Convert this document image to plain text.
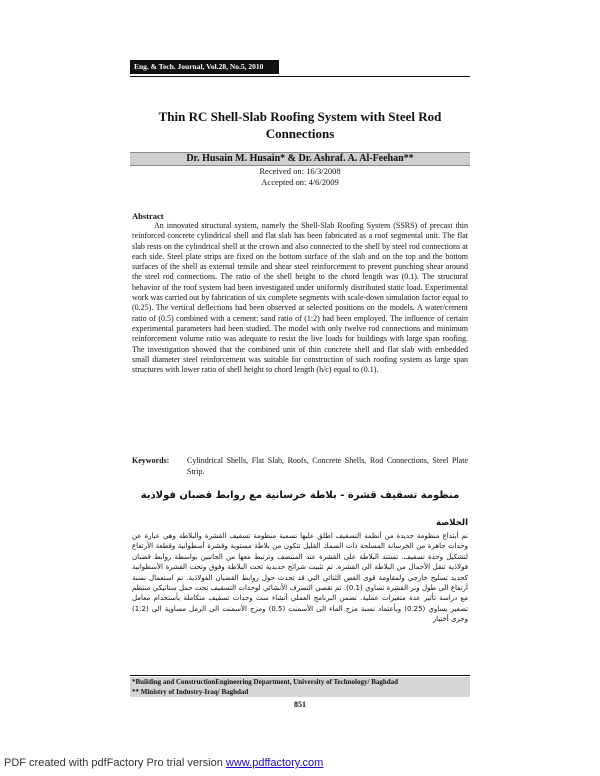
Eng. & Tech. Journal, Vol.28, No.5, 2010
Thin RC Shell-Slab Roofing System with Steel Rod Connections
Dr. Husain M. Husain* & Dr. Ashraf. A. Al-Feehan**
Received on: 16/3/2008
Accepted on: 4/6/2009
Abstract
An innovated structural system, namely the Shell-Slab Roofing System (SSRS) of precast thin reinforced concrete cylindrical shell and flat slab has been fabricated as a roof segmental unit. The flat slab rests on the cylindrical shell at the crown and also connected to the shell by steel rod connections at each side. Steel plate strips are fixed on the bottom surface of the slab and on the top and the bottom surfaces of the shell as external tensile and shear steel reinforcement to prevent punching shear around the steel rod connections. The ratio of the shell height to the chord length was (0.1). The structural behavior of the roof system had been investigated under uniformly distributed static load. Experimental work was carried out by fabrication of six complete segments with scale-down simulation factor equal to (0.25). The vertical deflections had been observed at selected positions on the models. A water/cement ratio of (0.5) combined with a cement: sand ratio of (1:2) had been employed. The influence of certain experimental parameters had been studied. The model with only twelve rod connections and minimum reinforcement volume ratio was adequate to resist the live loads for buildings with large span roofing. The investigation showed that the combined unit of thin concrete shell and flat slab with embedded small diameter steel reinforcement was suitable for construction of such roofing system as large span structures with lower ratio of shell height to chord length (h/c) equal to (0.1).
Keywords:	Cylindrical Shells, Flat Slab, Roofs, Concrete Shells, Rod Connections, Steel Plate Strip.
منظومة تسقيف قشرة - بلاطة خرسانية مع روابط قضبان فولاذية
الخلاصة
تم أبتداع منظومة جديدة من أنظمة التسقيف اطلق عليها تسمية منظومة تسقيف القشرة والبلاطة وهي عبارة عن وحدات جاهزة من الخرسانة المسلحة ذات السمك القليل تتكون من بلاطة مستوية وقشرة أسطوانية وقطعة الأرتفاع لتشكيل وحدة تسقيف. تستند البلاطة على القشرة عند المنتصف وترتبط معها من الجانبين بواسطة روابط قضبان فولاذية تنقل الأحمال من البلاطة الى القشرة. تم تثبيت شرائح حديدية تحت البلاطة وفوق وتحت القشرة الأسطوانية كحديد تسليح خارجي ولمقاومة قوى القص الثنائي التي قد تحدث حول روابط القضبان الفولاذية. تم استعمال نسبة أرتفاع الى طول وتر القشرة تساوي (0.1). تم تقصي التصرف الأنشائي لوحدات التسقيف تحت حمل ستاتيكي منتظم مع دراسة تأثير عدة متغيرات عملية. تضمن البرنامج العملي أنشاء ست وحدات تسقيف متكاملة بأستخدام معامل تصغير يساوي (0.25) وبأعتماد نسبة مزج الماء الى الأسمنت (0.5) ومزج الأسمنت الى الرمل مساوية الى (1:2) وجرى أختبار
*Building and ConstructionEngineering Department, University of Technology/ Baghdad
** Ministry of Industry-Iraq/ Baghdad
851
PDF created with pdfFactory Pro trial version www.pdffactory.com
